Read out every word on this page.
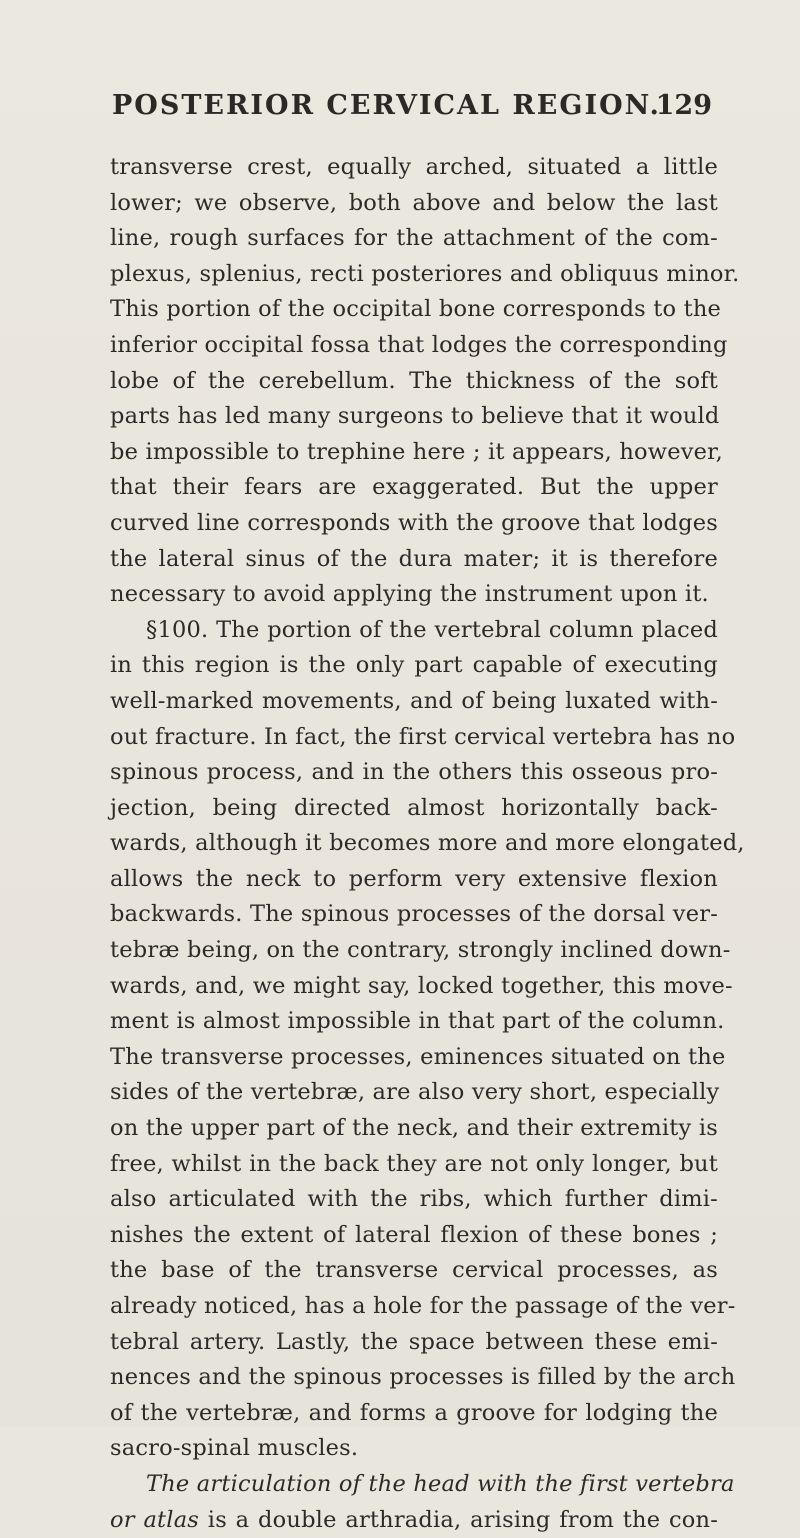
POSTERIOR CERVICAL REGION.
129
transverse crest, equally arched, situated a little
lower; we observe, both above and below the last
line, rough surfaces for the attachment of the com-
plexus, splenius, recti posteriores and obliquus minor.
This portion of the occipital bone corresponds to the
inferior occipital fossa that lodges the corresponding
lobe of the cerebellum. The thickness of the soft
parts has led many surgeons to believe that it would
be impossible to trephine here ; it appears, however,
that their fears are exaggerated. But the upper
curved line corresponds with the groove that lodges
the lateral sinus of the dura mater; it is therefore
necessary to avoid applying the instrument upon it.
§100. The portion of the vertebral column placed
in this region is the only part capable of executing
well-marked movements, and of being luxated with-
out fracture. In fact, the first cervical vertebra has no
spinous process, and in the others this osseous pro-
jection, being directed almost horizontally back-
wards, although it becomes more and more elongated,
allows the neck to perform very extensive flexion
backwards. The spinous processes of the dorsal ver-
tebræ being, on the contrary, strongly inclined down-
wards, and, we might say, locked together, this move-
ment is almost impossible in that part of the column.
The transverse processes, eminences situated on the
sides of the vertebræ, are also very short, especially
on the upper part of the neck, and their extremity is
free, whilst in the back they are not only longer, but
also articulated with the ribs, which further dimi-
nishes the extent of lateral flexion of these bones ;
the base of the transverse cervical processes, as
already noticed, has a hole for the passage of the ver-
tebral artery. Lastly, the space between these emi-
nences and the spinous processes is filled by the arch
of the vertebræ, and forms a groove for lodging the
sacro-spinal muscles.
The articulation of the head with the first vertebra
or atlas is a double arthradia, arising from the con-
